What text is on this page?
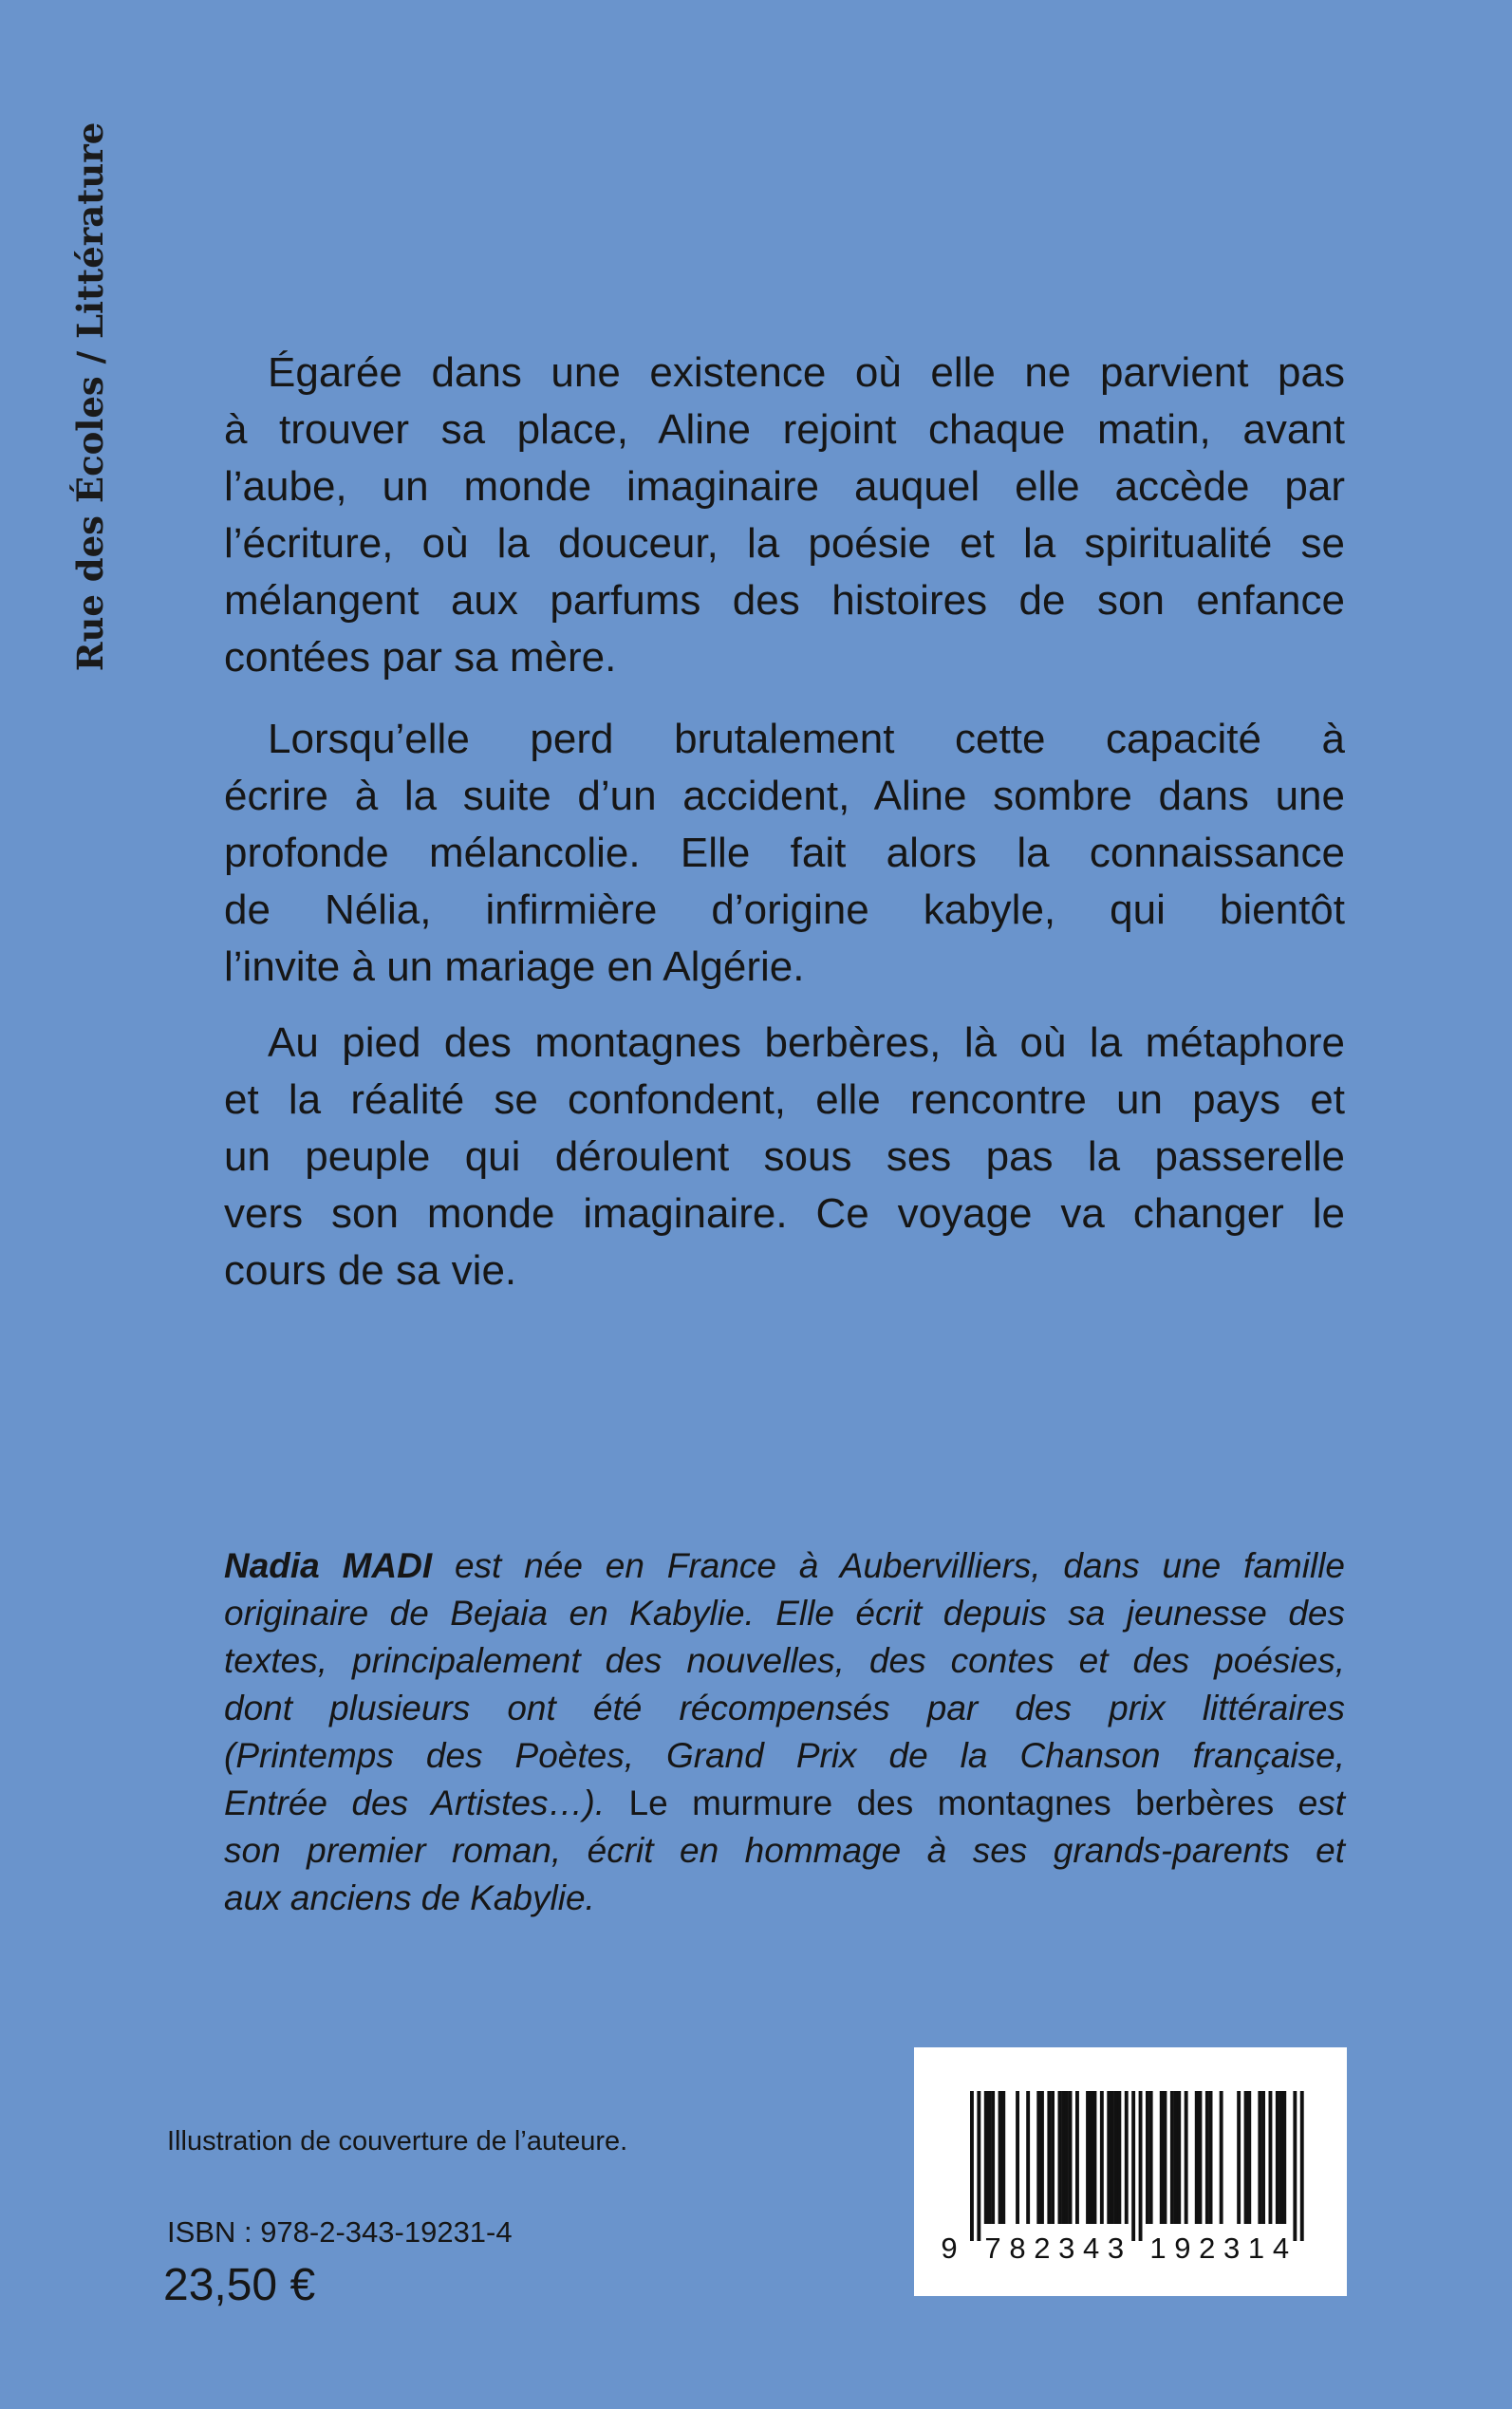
Rue des Écoles / Littérature	Égarée dans une existence où elle ne parvient pas
à trouver sa place, Aline rejoint chaque matin, avant
l’aube, un monde imaginaire auquel elle accède par
l’écriture, où la douceur, la poésie et la spiritualité se
mélangent aux parfums des histoires de son enfance
contées par sa mère.
Lorsqu’elle perd brutalement cette capacité à
écrire à la suite d’un accident, Aline sombre dans une
profonde mélancolie. Elle fait alors la connaissance
de Nélia, infirmière d’origine kabyle, qui bientôt
l’invite à un mariage en Algérie.
Au pied des montagnes berbères, là où la métaphore
et la réalité se confondent, elle rencontre un pays et
un peuple qui déroulent sous ses pas la passerelle
vers son monde imaginaire. Ce voyage va changer le
cours de sa vie.
Nadia MADI est née en France à Aubervilliers, dans une famille
originaire de Bejaia en Kabylie. Elle écrit depuis sa jeunesse des
textes, principalement des nouvelles, des contes et des poésies,
dont plusieurs ont été récompensés par des prix littéraires
(Printemps des Poètes, Grand Prix de la Chanson française,
Entrée des Artistes…). Le murmure des montagnes berbères est
son premier roman, écrit en hommage à ses grands-parents et
aux anciens de Kabylie.
Illustration de couverture de l’auteure.
ISBN : 978-2-343-19231-4
23,50 €
9 7 8 2 3 4 3 1 9 2 3 1 4
